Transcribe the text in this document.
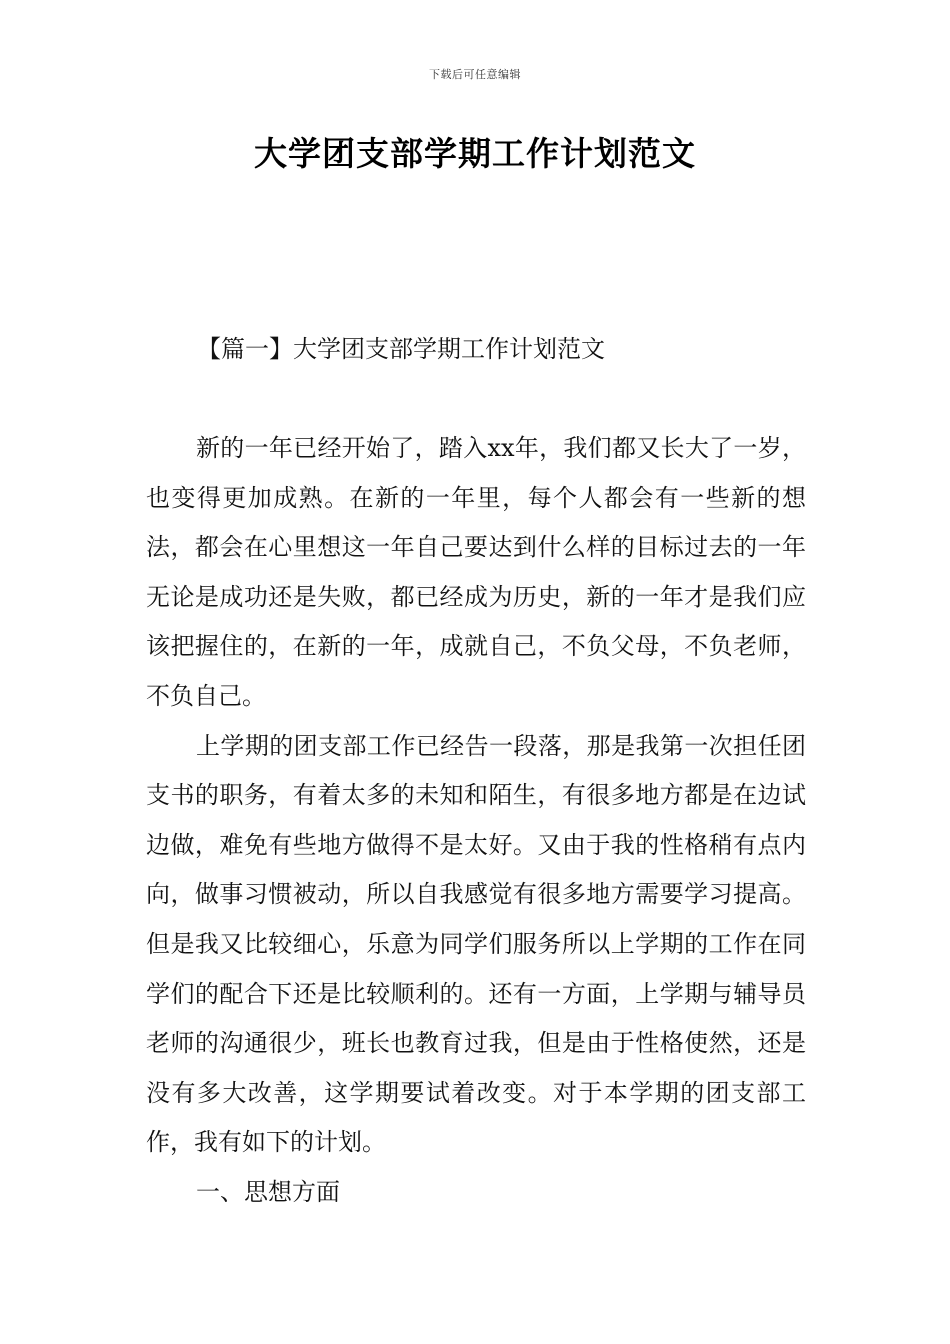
下载后可任意编辑
大学团支部学期工作计划范文
【篇一】大学团支部学期工作计划范文

新的一年已经开始了，踏入xx年，我们都又长大了一岁，也变得更加成熟。在新的一年里，每个人都会有一些新的想法，都会在心里想这一年自己要达到什么样的目标过去的一年无论是成功还是失败，都已经成为历史，新的一年才是我们应该把握住的，在新的一年，成就自己，不负父母，不负老师，不负自己。

上学期的团支部工作已经告一段落，那是我第一次担任团支书的职务，有着太多的未知和陌生，有很多地方都是在边试边做，难免有些地方做得不是太好。又由于我的性格稍有点内向，做事习惯被动，所以自我感觉有很多地方需要学习提高。但是我又比较细心，乐意为同学们服务所以上学期的工作在同学们的配合下还是比较顺利的。还有一方面，上学期与辅导员老师的沟通很少，班长也教育过我，但是由于性格使然，还是没有多大改善，这学期要试着改变。对于本学期的团支部工作，我有如下的计划。

一、思想方面
